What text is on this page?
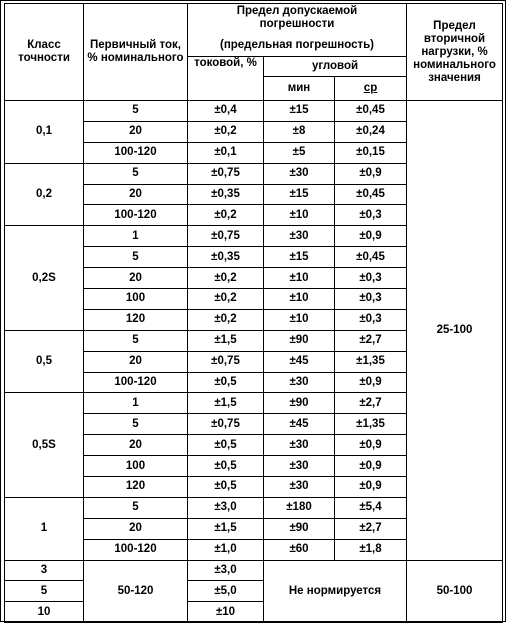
Класс точности	Первичный ток, % номинального	Предел допускаемой погрешности
(предельная погрешность)			Предел вторичной нагрузки, % номинального значения
		токовой, %	угловой		
			мин	ср	
0,1	5	±0,4	±15	±0,45	25-100
	20	±0,2	±8	±0,24	
	100-120	±0,1	±5	±0,15	
0,2	5	±0,75	±30	±0,9	
	20	±0,35	±15	±0,45	
	100-120	±0,2	±10	±0,3	
0,2S	1	±0,75	±30	±0,9	
	5	±0,35	±15	±0,45	
	20	±0,2	±10	±0,3	
	100	±0,2	±10	±0,3	
	120	±0,2	±10	±0,3	
0,5	5	±1,5	±90	±2,7	
	20	±0,75	±45	±1,35	
	100-120	±0,5	±30	±0,9	
0,5S	1	±1,5	±90	±2,7	
	5	±0,75	±45	±1,35	
	20	±0,5	±30	±0,9	
	100	±0,5	±30	±0,9	
	120	±0,5	±30	±0,9	
1	5	±3,0	±180	±5,4	
	20	±1,5	±90	±2,7	
	100-120	±1,0	±60	±1,8	
3	50-120	±3,0	Не нормируется		50-100
5		±5,0			
10		±10			
